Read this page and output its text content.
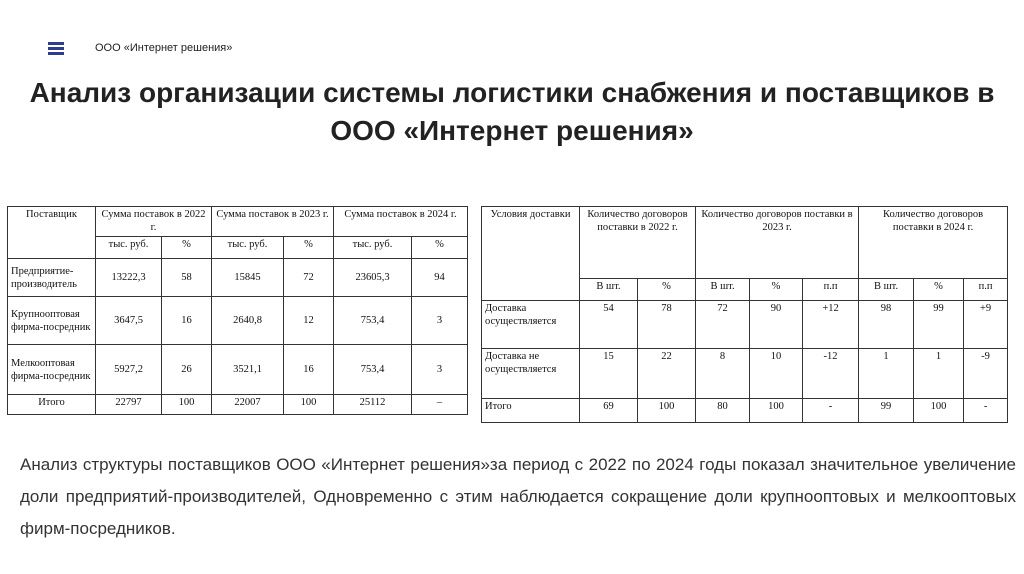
ООО «Интернет решения»
Анализ организации системы логистики снабжения и поставщиков в ООО «Интернет решения»
Поставщик	Сумма поставок в 2022 г.		Сумма поставок в 2023 г.		Сумма поставок в 2024 г.	
	тыс. руб.	%	тыс. руб.	%	тыс. руб.	%
Предприятие-производитель	13222,3	58	15845	72	23605,3	94
Крупнооптовая фирма-посредник	3647,5	16	2640,8	12	753,4	3
Мелкооптовая фирма-посредник	5927,2	26	3521,1	16	753,4	3
Итого	22797	100	22007	100	25112	–
Условия доставки	Количество договоров поставки в 2022 г.		Количество договоров поставки в 2023 г.			Количество договоров поставки в 2024 г.		
	В шт.	%	В шт.	%	п.п	В шт.	%	п.п
Доставка осуществляется	54	78	72	90	+12	98	99	+9
Доставка не осуществляется	15	22	8	10	-12	1	1	-9
Итого	69	100	80	100	-	99	100	-
Анализ структуры поставщиков ООО «Интернет решения»за период с 2022 по 2024 годы показал значительное увеличение доли предприятий-производителей, Одновременно с этим наблюдается сокращение доли крупнооптовых и мелкооптовых фирм-посредников.
